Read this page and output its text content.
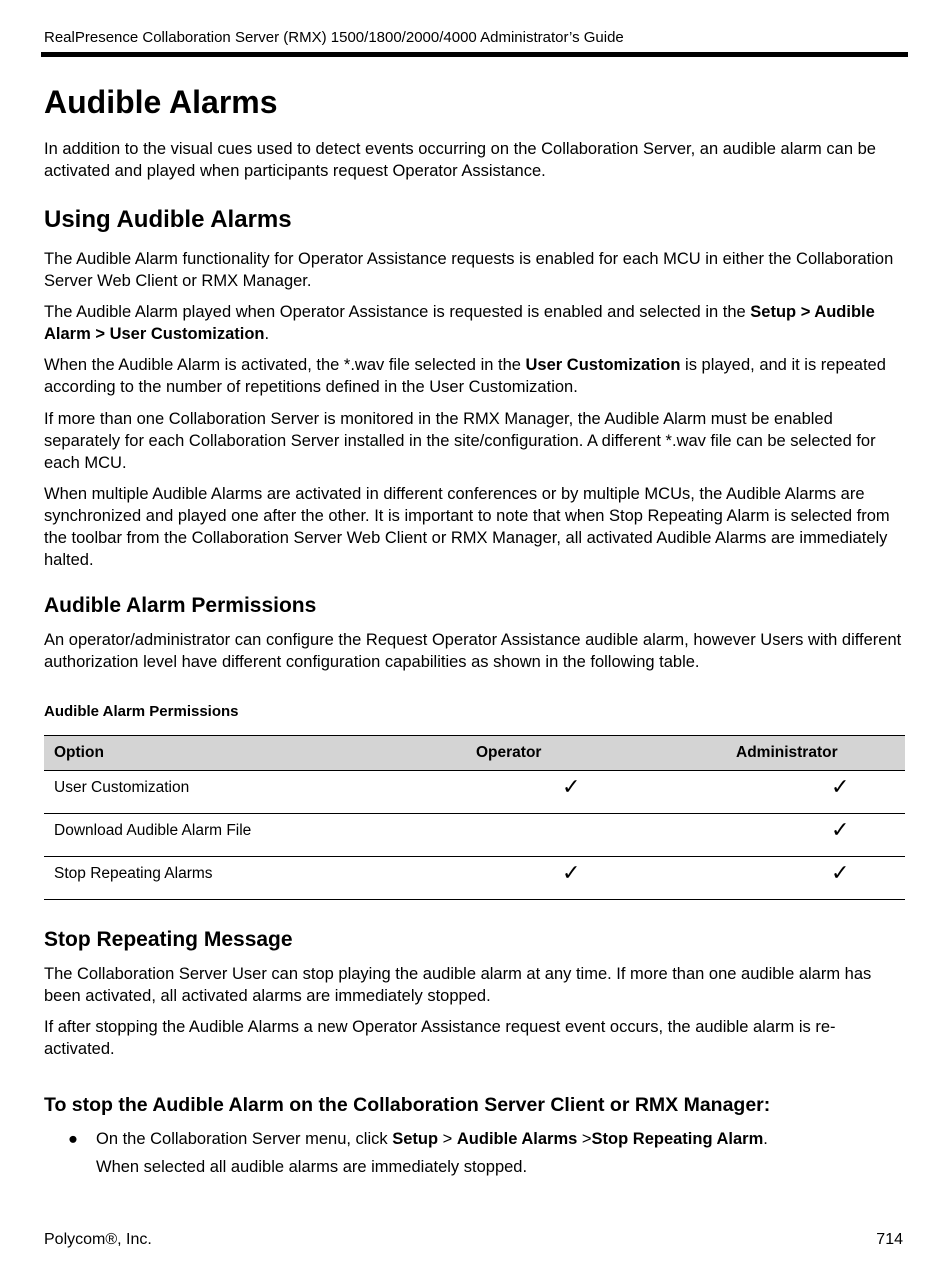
RealPresence Collaboration Server (RMX) 1500/1800/2000/4000 Administrator’s Guide
Audible Alarms

In addition to the visual cues used to detect events occurring on the Collaboration Server, an audible alarm can be activated and played when participants request Operator Assistance.

Using Audible Alarms

The Audible Alarm functionality for Operator Assistance requests is enabled for each MCU in either the Collaboration Server Web Client or RMX Manager.

The Audible Alarm played when Operator Assistance is requested is enabled and selected in the Setup > Audible Alarm > User Customization.

When the Audible Alarm is activated, the *.wav file selected in the User Customization is played, and it is repeated according to the number of repetitions defined in the User Customization.

If more than one Collaboration Server is monitored in the RMX Manager, the Audible Alarm must be enabled separately for each Collaboration Server installed in the site/configuration. A different *.wav file can be selected for each MCU.

When multiple Audible Alarms are activated in different conferences or by multiple MCUs, the Audible Alarms are synchronized and played one after the other. It is important to note that when Stop Repeating Alarm is selected from the toolbar from the Collaboration Server Web Client or RMX Manager, all activated Audible Alarms are immediately halted.

Audible Alarm Permissions

An operator/administrator can configure the Request Operator Assistance audible alarm, however Users with different authorization level have different configuration capabilities as shown in the following table.

Audible Alarm Permissions
Option	Operator	Administrator
User Customization	✓	✓
Download Audible Alarm File		✓
Stop Repeating Alarms	✓	✓
Stop Repeating Message

The Collaboration Server User can stop playing the audible alarm at any time. If more than one audible alarm has been activated, all activated alarms are immediately stopped.

If after stopping the Audible Alarms a new Operator Assistance request event occurs, the audible alarm is re-activated.

To stop the Audible Alarm on the Collaboration Server Client or RMX Manager:
● On the Collaboration Server menu, click Setup > Audible Alarms >Stop Repeating Alarm.
When selected all audible alarms are immediately stopped.
Polycom®, Inc.	714
